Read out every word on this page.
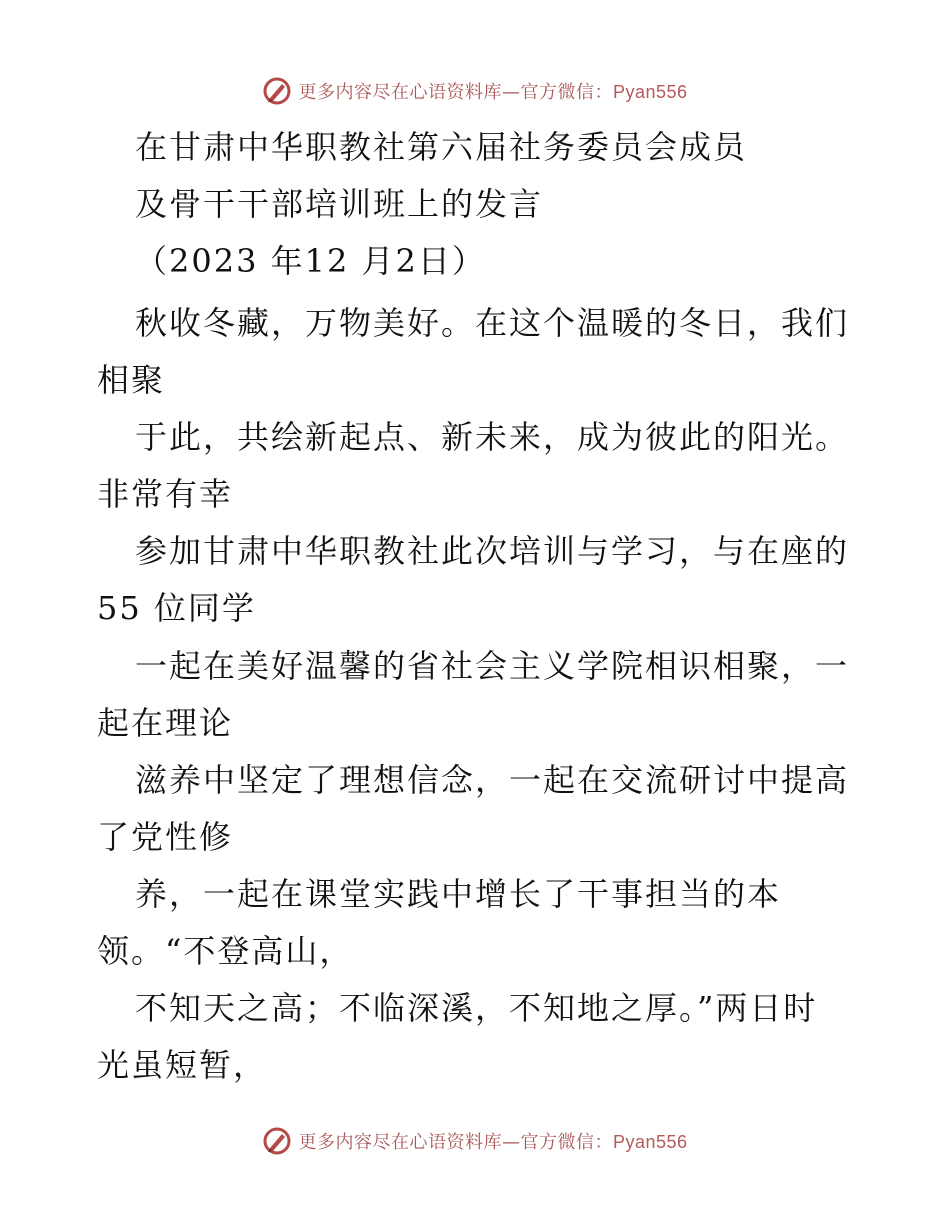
更多内容尽在心语资料库—官方微信：Pyan556
在甘肃中华职教社第六届社务委员会成员
及骨干干部培训班上的发言
（2023 年12 月2日）
秋收冬藏，万物美好。在这个温暖的冬日，我们
相聚
于此，共绘新起点、新未来，成为彼此的阳光。
非常有幸
参加甘肃中华职教社此次培训与学习，与在座的
55 位同学
一起在美好温馨的省社会主义学院相识相聚，一
起在理论
滋养中坚定了理想信念，一起在交流研讨中提高
了党性修
养，一起在课堂实践中增长了干事担当的本
领。“不登高山，
不知天之高；不临深溪，不知地之厚。”两日时
光虽短暂，
更多内容尽在心语资料库—官方微信：Pyan556
